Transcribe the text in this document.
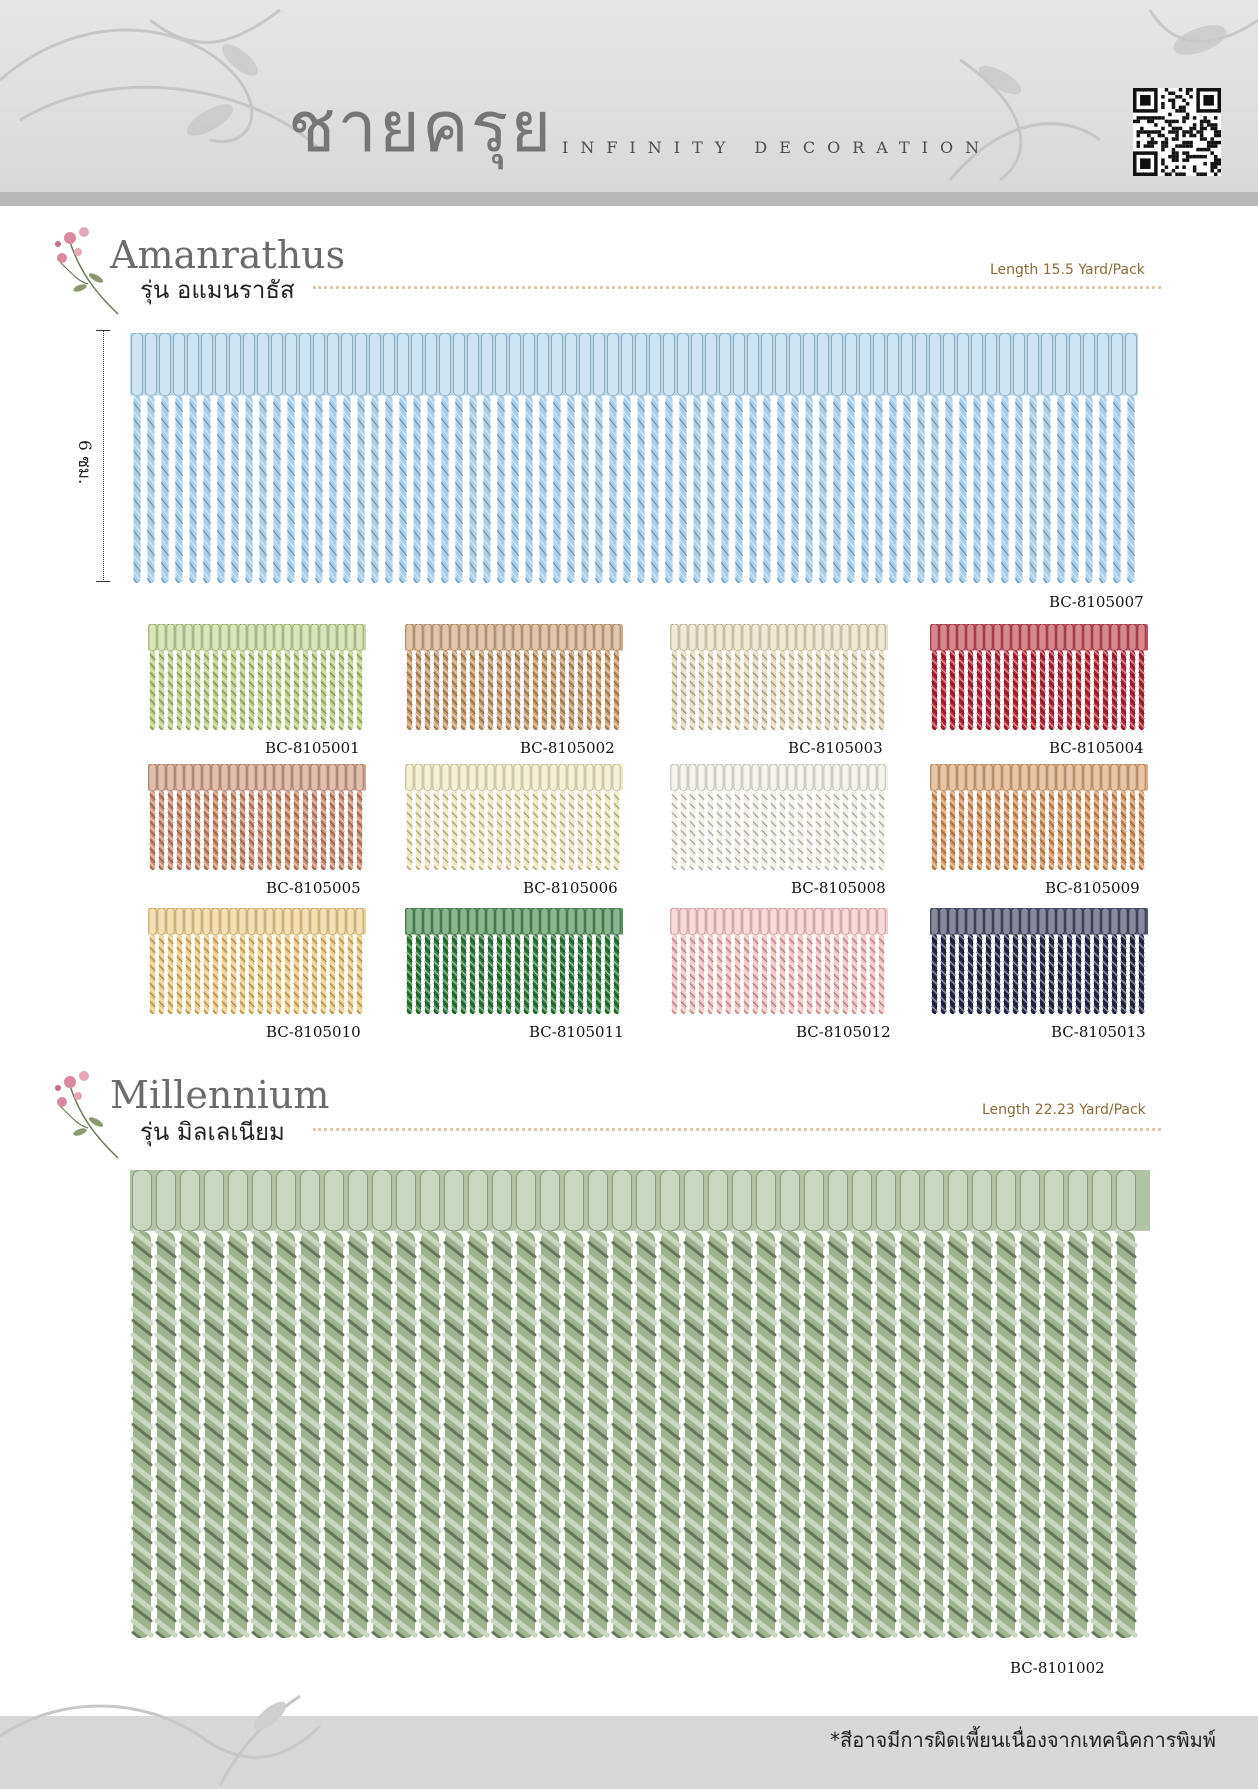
ชายครุย INFINITY DECORATION
Amanrathus
รุ่น อแมนราธัส
Length 15.5 Yard/Pack
6 ซม.
BC-8105007
Millennium
รุ่น มิลเลเนียม
Length 22.23 Yard/Pack
BC-8101002
*สีอาจมีการผิดเพี้ยนเนื่องจากเทคนิคการพิมพ์
BC-8105001	BC-8105002	BC-8105003	BC-8105004
BC-8105005	BC-8105006	BC-8105008	BC-8105009
BC-8105010	BC-8105011	BC-8105012	BC-8105013
